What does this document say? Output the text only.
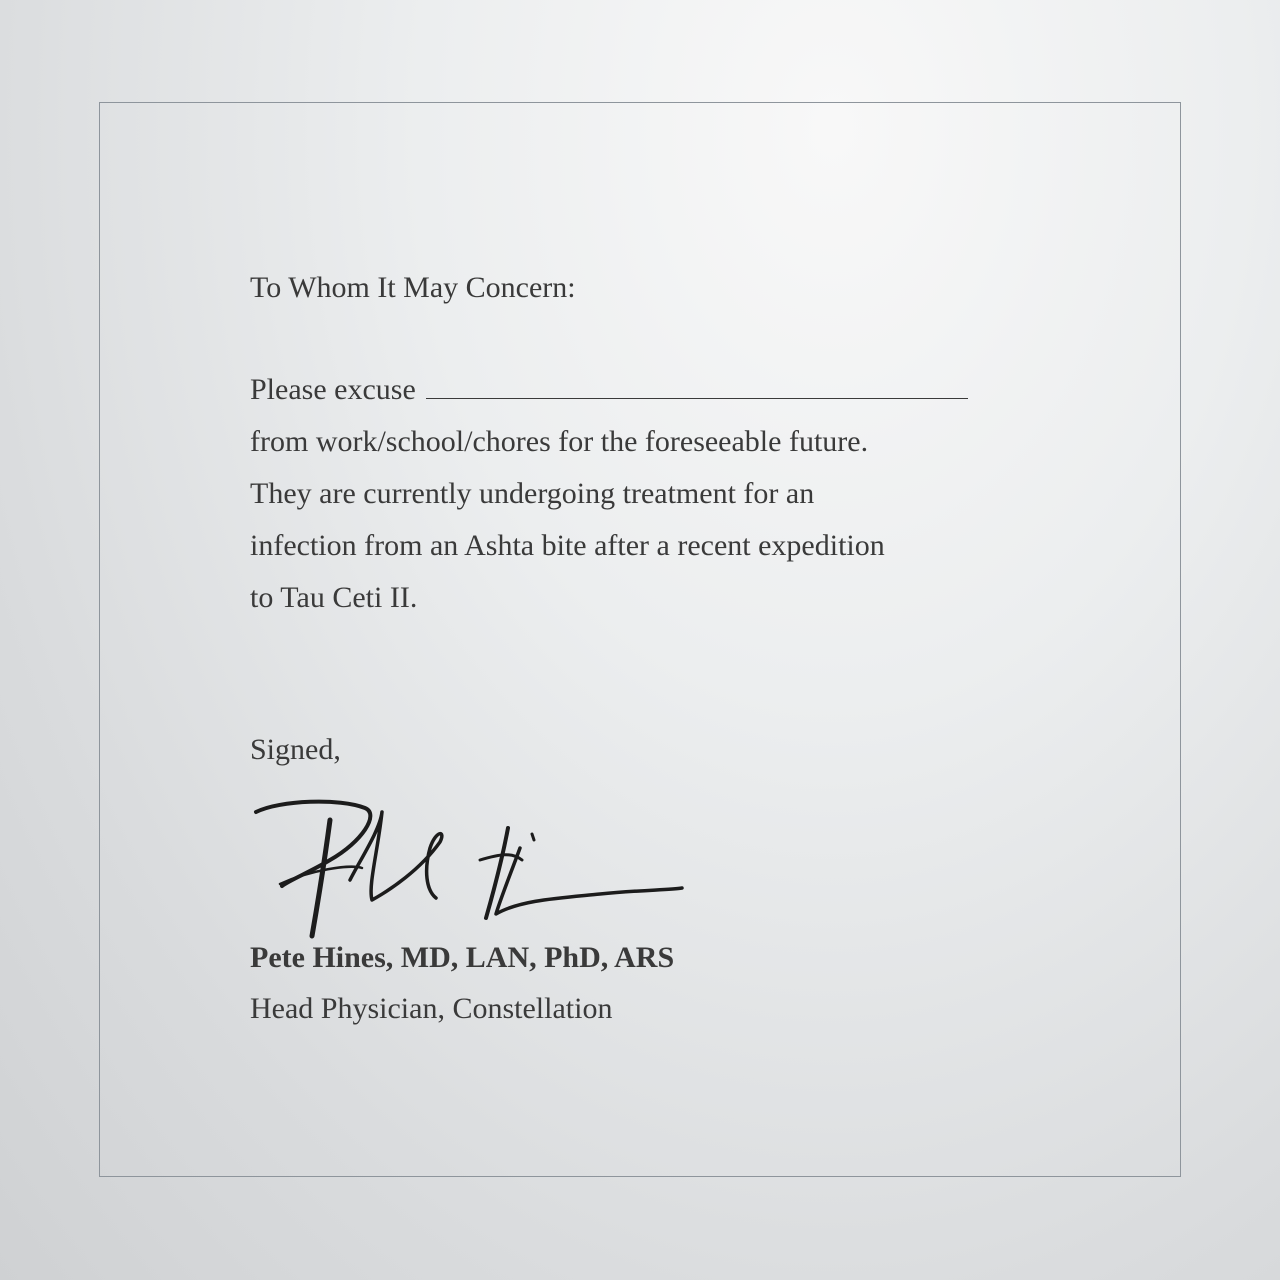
To Whom It May Concern:
Please excuse
from work/school/chores for the foreseeable future.
They are currently undergoing treatment for an
infection from an Ashta bite after a recent expedition
to Tau Ceti II.
Signed,
Pete Hines, MD, LAN, PhD, ARS
Head Physician, Constellation
